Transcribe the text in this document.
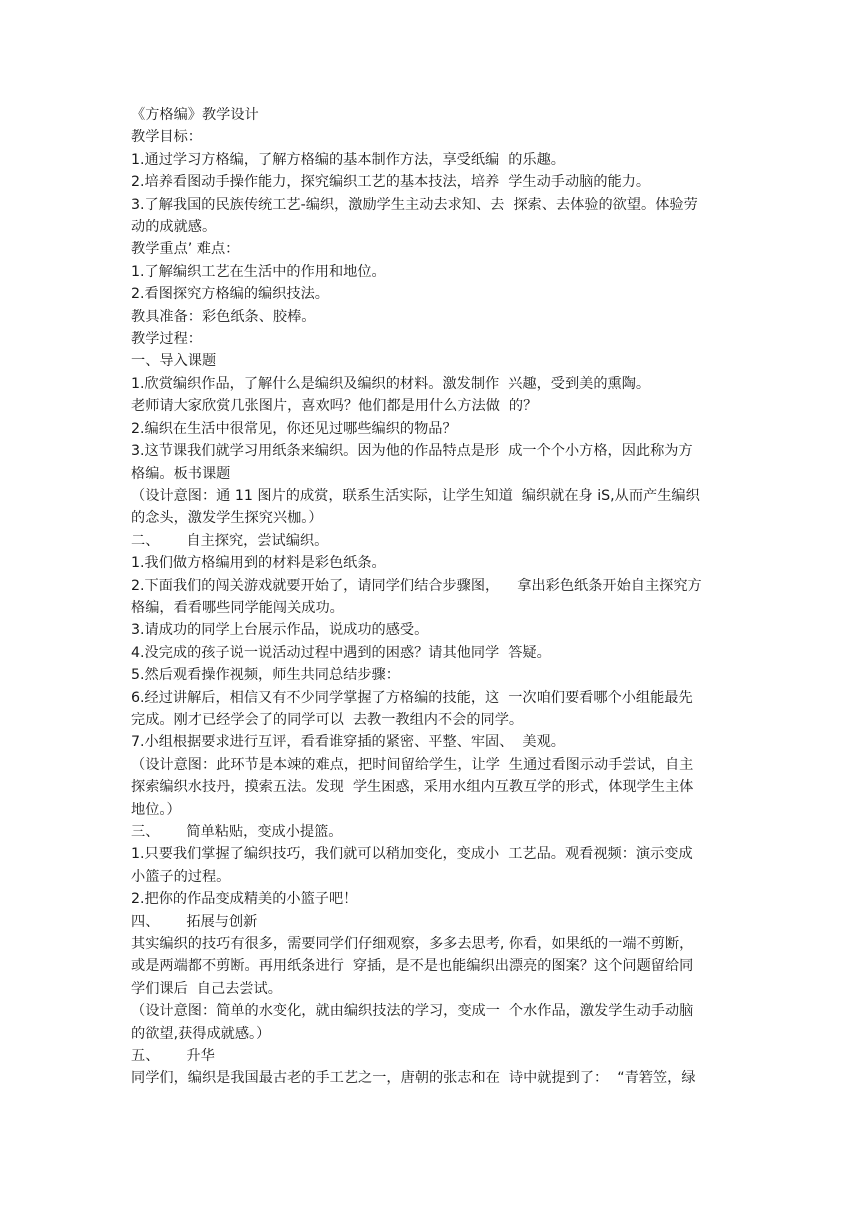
《方格编》教学设计

教学目标：

1.通过学习方格编，了解方格编的基本制作方法，享受纸编  的乐趣。

2.培养看图动手操作能力，探究编织工艺的基本技法，培养  学生动手动脑的能力。

3.了解我国的民族传统工艺-编织，激励学生主动去求知、去  探索、去体验的欲望。体验劳

动的成就感。

教学重点’ 难点：

1.了解编织工艺在生活中的作用和地位。

2.看图探究方格编的编织技法。

教具准备：彩色纸条、胶棒。

教学过程：

一、导入课题

1.欣赏编织作品，了解什么是编织及编织的材料。激发制作  兴趣，受到美的熏陶。

老师请大家欣赏几张图片，喜欢吗？他们都是用什么方法做  的？

2.编织在生活中很常见，你还见过哪些编织的物品？

3.这节课我们就学习用纸条来编织。因为他的作品特点是形  成一个个小方格，因此称为方

格编。板书课题

（设计意图：通 11 图片的成赏，联系生活实际，让学生知道  编织就在身 iS,从而产生编织

的念头，激发学生探究兴枷。）

二、      自主探究，尝试编织。

1.我们做方格编用到的材料是彩色纸条。

2.下面我们的闯关游戏就要开始了，请同学们结合步骤图，    拿出彩色纸条开始自主探究方

格编，看看哪些同学能闯关成功。

3.请成功的同学上台展示作品，说成功的感受。

4.没完成的孩子说一说活动过程中遇到的困惑？请其他同学  答疑。

5.然后观看操作视频，师生共同总结步骤：

6.经过讲解后，相信又有不少同学掌握了方格编的技能，这  一次咱们要看哪个小组能最先

完成。刚才已经学会了的同学可以  去教一教组内不会的同学。

7.小组根据要求进行互评，看看谁穿插的紧密、平整、牢固、  美观。

（设计意图：此环节是本竦的难点，把时间留给学生，让学  生通过看图示动手尝试，自主

探索编织水技丹，摸索五法。发现  学生困惑，采用水组内互教互学的形式，体现学生主体

地位。）

三、      简单粘贴，变成小提篮。

1.只要我们掌握了编织技巧，我们就可以稍加变化，变成小  工艺品。观看视频：演示变成

小篮子的过程。

2.把你的作品变成精美的小篮子吧！

四、      拓展与创新

其实编织的技巧有很多，需要同学们仔细观察，多多去思考, 你看，如果纸的一端不剪断，

或是两端都不剪断。再用纸条进行  穿插，是不是也能编织出漂亮的图案？这个问题留给同

学们课后  自己去尝试。

（设计意图：简单的水变化，就由编织技法的学习，变成一  个水作品，激发学生动手动脑

的欲望,获得成就感。）

五、      升华

同学们，编织是我国最古老的手工艺之一，唐朝的张志和在  诗中就提到了：  “青箬笠，绿
